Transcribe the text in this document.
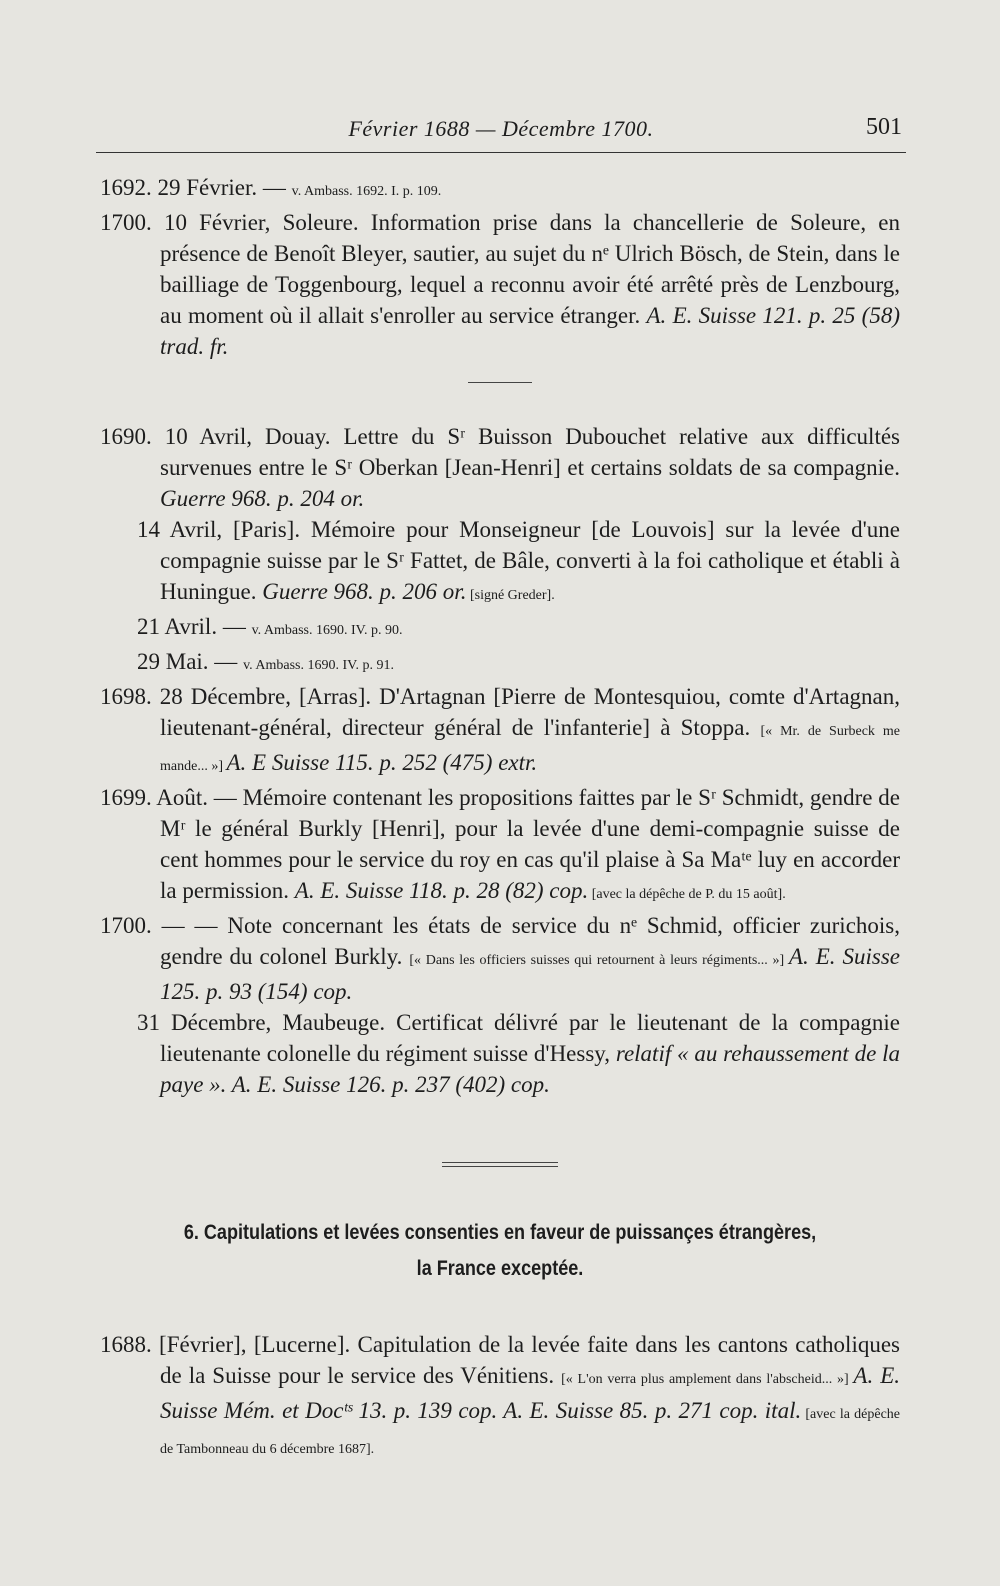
Février 1688 — Décembre 1700.	501

1692. 29 Février. — v. Ambass. 1692. I. p. 109.

1700. 10 Février, Soleure. Information prise dans la chancellerie de Soleure, en présence de Benoît Bleyer, sautier, au sujet du nᵉ Ulrich Bösch, de Stein, dans le bailliage de Toggenbourg, lequel a reconnu avoir été arrêté près de Lenzbourg, au moment où il allait s'enroller au service étranger. A. E. Suisse 121. p. 25 (58) trad. fr.

1690. 10 Avril, Douay. Lettre du Sʳ Buisson Dubouchet relative aux difficultés survenues entre le Sʳ Oberkan [Jean-Henri] et certains soldats de sa compagnie. Guerre 968. p. 204 or.

14 Avril, [Paris]. Mémoire pour Monseigneur [de Louvois] sur la levée d'une compagnie suisse par le Sʳ Fattet, de Bâle, converti à la foi catholique et établi à Huningue. Guerre 968. p. 206 or. [signé Greder].

21 Avril. — v. Ambass. 1690. IV. p. 90.

29 Mai. — v. Ambass. 1690. IV. p. 91.

1698. 28 Décembre, [Arras]. D'Artagnan [Pierre de Montesquiou, comte d'Artagnan, lieutenant-général, directeur général de l'infanterie] à Stoppa. [« Mr. de Surbeck me mande... »] A. E Suisse 115. p. 252 (475) extr.

1699. Août. — Mémoire contenant les propositions faittes par le Sʳ Schmidt, gendre de Mʳ le général Burkly [Henri], pour la levée d'une demi-compagnie suisse de cent hommes pour le service du roy en cas qu'il plaise à Sa Maᵗᵉ luy en accorder la permission. A. E. Suisse 118. p. 28 (82) cop. [avec la dépêche de P. du 15 août].

1700. — — Note concernant les états de service du nᵉ Schmid, officier zurichois, gendre du colonel Burkly. [« Dans les officiers suisses qui retournent à leurs régiments... »] A. E. Suisse 125. p. 93 (154) cop.

31 Décembre, Maubeuge. Certificat délivré par le lieutenant de la compagnie lieutenante colonelle du régiment suisse d'Hessy, relatif « au rehaussement de la paye ». A. E. Suisse 126. p. 237 (402) cop.

6. Capitulations et levées consenties en faveur de puissançes étrangères,
la France exceptée.

1688. [Février], [Lucerne]. Capitulation de la levée faite dans les cantons catholiques de la Suisse pour le service des Vénitiens. [« L'on verra plus amplement dans l'abscheid... »] A. E. Suisse Mém. et Docᵗˢ 13. p. 139 cop. A. E. Suisse 85. p. 271 cop. ital. [avec la dépêche de Tambonneau du 6 décembre 1687].
